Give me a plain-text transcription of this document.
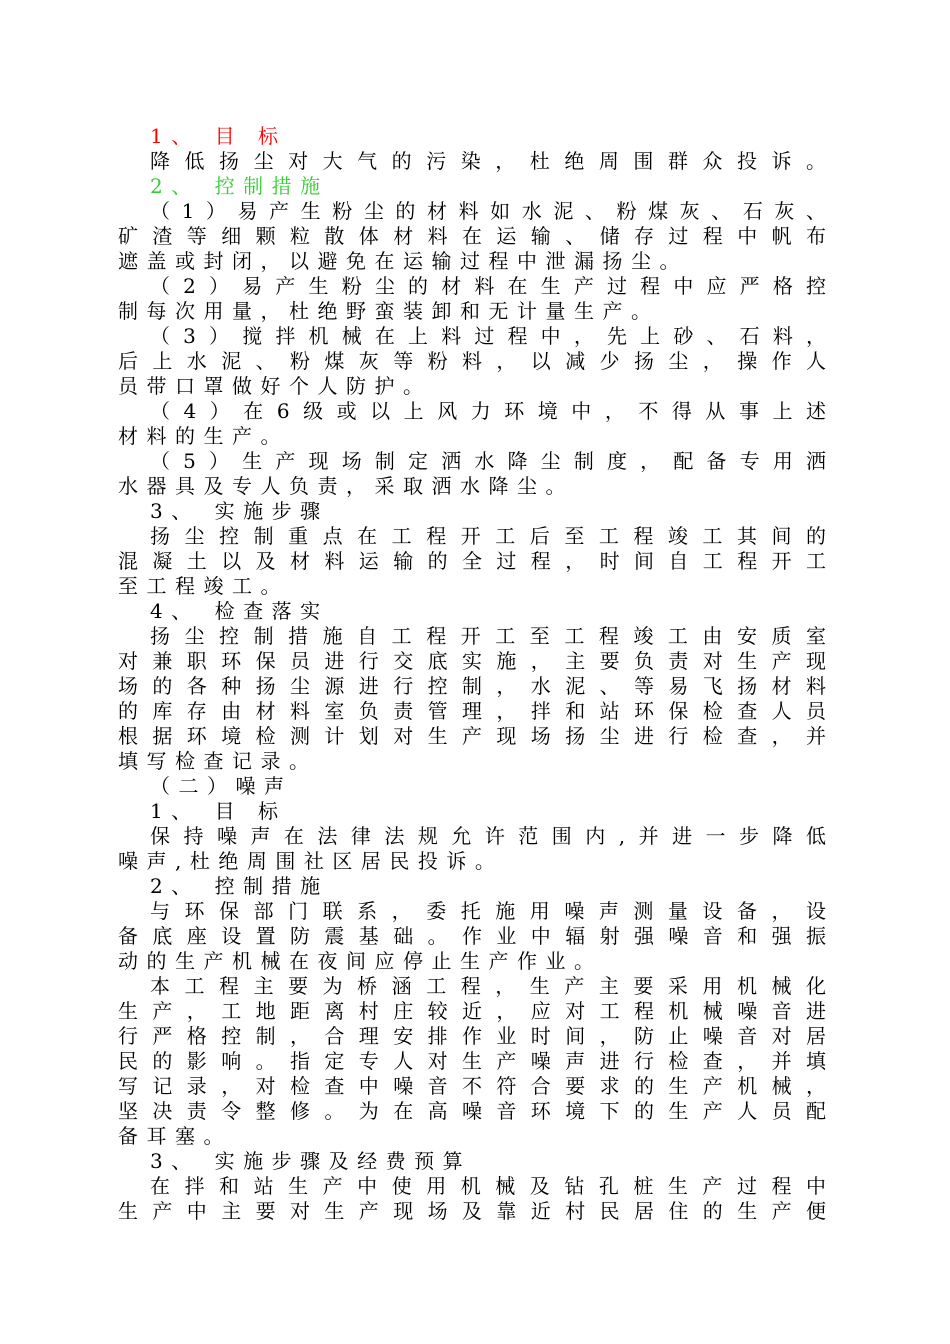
1、 目 标
降低扬尘对大气的污染，杜绝周围群众投诉。
2、 控制措施
（1）易产生粉尘的材料如水泥、粉煤灰、石灰、
矿渣等细颗粒散体材料在运输、储存过程中帆布
遮盖或封闭，以避免在运输过程中泄漏扬尘。
（2）易产生粉尘的材料在生产过程中应严格控
制每次用量，杜绝野蛮装卸和无计量生产。
（3）搅拌机械在上料过程中，先上砂、石料，
后上水泥、粉煤灰等粉料，以减少扬尘，操作人
员带口罩做好个人防护。
（4）在6级或以上风力环境中，不得从事上述
材料的生产。
（5）生产现场制定洒水降尘制度，配备专用洒
水器具及专人负责，采取洒水降尘。
3、 实施步骤
扬尘控制重点在工程开工后至工程竣工其间的
混凝土以及材料运输的全过程，时间自工程开工
至工程竣工。
4、 检查落实
扬尘控制措施自工程开工至工程竣工由安质室
对兼职环保员进行交底实施，主要负责对生产现
场的各种扬尘源进行控制，水泥、等易飞扬材料
的库存由材料室负责管理，拌和站环保检查人员
根据环境检测计划对生产现场扬尘进行检查，并
填写检查记录。
（二）噪声
1、 目 标
保持噪声在法律法规允许范围内,并进一步降低
噪声,杜绝周围社区居民投诉。
2、 控制措施
与环保部门联系，委托施用噪声测量设备，设
备底座设置防震基础。作业中辐射强噪音和强振
动的生产机械在夜间应停止生产作业。
本工程主要为桥涵工程，生产主要采用机械化
生产，工地距离村庄较近，应对工程机械噪音进
行严格控制，合理安排作业时间，防止噪音对居
民的影响。指定专人对生产噪声进行检查，并填
写记录，对检查中噪音不符合要求的生产机械，
坚决责令整修。为在高噪音环境下的生产人员配
备耳塞。
3、 实施步骤及经费预算
在拌和站生产中使用机械及钻孔桩生产过程中
生产中主要对生产现场及靠近村民居住的生产便
